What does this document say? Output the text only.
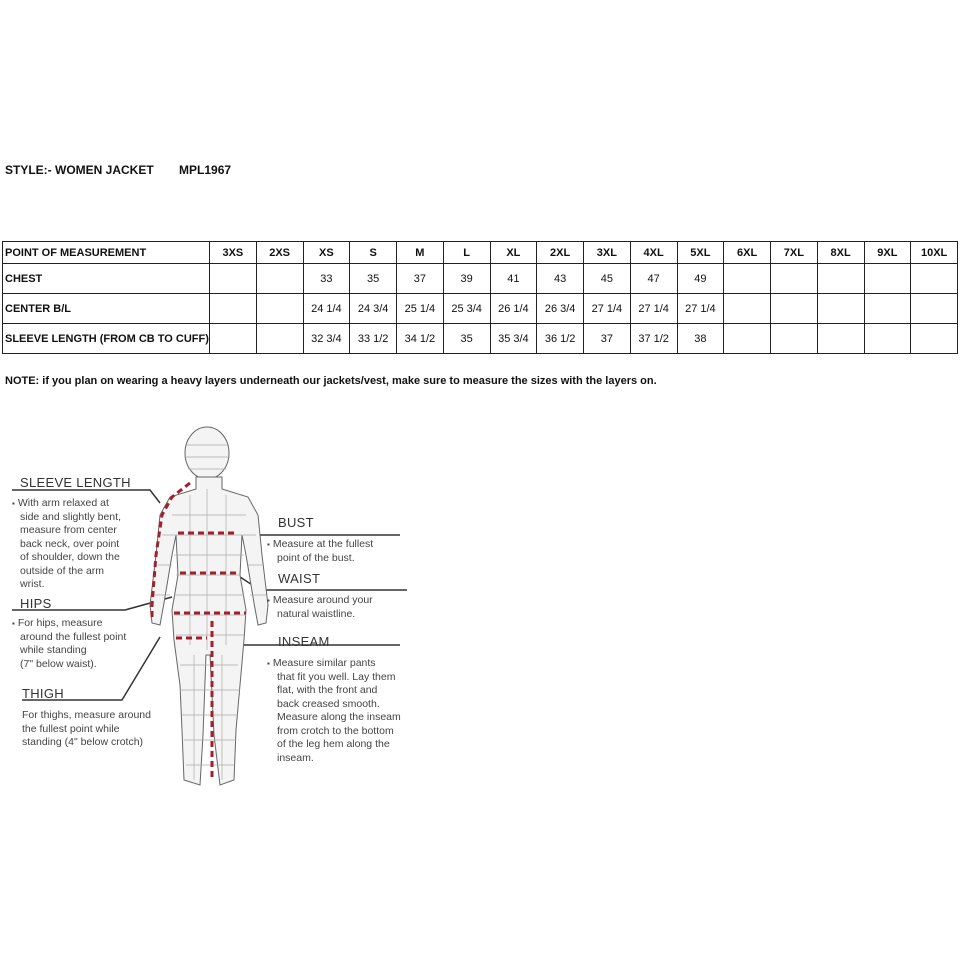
STYLE:- WOMEN JACKET MPL1967
POINT OF MEASUREMENT	3XS	2XS	XS	S	M	L	XL	2XL	3XL	4XL	5XL	6XL	7XL	8XL	9XL	10XL
CHEST			33	35	37	39	41	43	45	47	49					
CENTER B/L			24 1/4	24 3/4	25 1/4	25 3/4	26 1/4	26 3/4	27 1/4	27 1/4	27 1/4					
SLEEVE LENGTH (FROM CB TO CUFF)			32 3/4	33 1/2	34 1/2	35	35 3/4	36 1/2	37	37 1/2	38					
NOTE: if you plan on wearing a heavy layers underneath our jackets/vest, make sure to measure the sizes with the layers on.
SLEEVE LENGTH
▪ With arm relaxed at
side and slightly bent,
measure from center
back neck, over point
of shoulder, down the
outside of the arm
wrist.
HIPS
▪ For hips, measure
around the fullest point
while standing
(7" below waist).
THIGH
For thighs, measure around
the fullest point while
standing (4" below crotch)
BUST
▪ Measure at the fullest
point of the bust.
WAIST
▪ Measure around your
natural waistline.
INSEAM
▪ Measure similar pants
that fit you well. Lay them
flat, with the front and
back creased smooth.
Measure along the inseam
from crotch to the bottom
of the leg hem along the
inseam.
